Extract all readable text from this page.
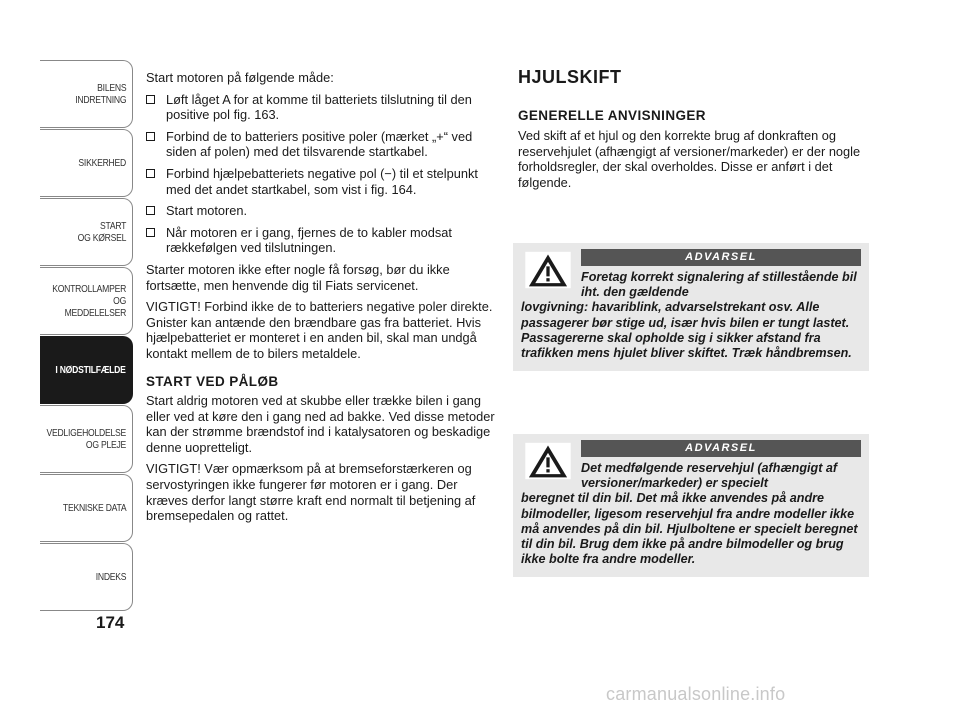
BILENS
INDRETNING
SIKKERHED
START
OG KØRSEL
KONTROLLAMPER
OG MEDDELELSER
I NØDSTILFÆLDE
VEDLIGEHOLDELSE
OG PLEJE
TEKNISKE DATA
INDEKS
174

Start motoren på følgende måde:

Løft låget A for at komme til batteriets tilslutning til den positive pol fig. 163.
Forbind de to batteriers positive poler (mærket „+“ ved siden af polen) med det tilsvarende startkabel.
Forbind hjælpebatteriets negative pol (−) til et stelpunkt med det andet startkabel, som vist i fig. 164.
Start motoren.
Når motoren er i gang, fjernes de to kabler modsat rækkefølgen ved tilslutningen.

Starter motoren ikke efter nogle få forsøg, bør du ikke fortsætte, men henvende dig til Fiats servicenet.

VIGTIGT! Forbind ikke de to batteriers negative poler direkte. Gnister kan antænde den brændbare gas fra batteriet. Hvis hjælpebatteriet er monteret i en anden bil, skal man undgå kontakt mellem de to bilers metaldele.

START VED PÅLØB

Start aldrig motoren ved at skubbe eller trække bilen i gang eller ved at køre den i gang ned ad bakke. Ved disse metoder kan der strømme brændstof ind i katalysatoren og beskadige denne uopretteligt.

VIGTIGT! Vær opmærksom på at bremseforstærkeren og servostyringen ikke fungerer før motoren er i gang. Der kræves derfor langt større kraft end normalt til betjening af bremsepedalen og rattet.

HJULSKIFT
GENERELLE ANVISNINGER

Ved skift af et hjul og den korrekte brug af donkraften og reservehjulet (afhængigt af versioner/markeder) er der nogle forholdsregler, der skal overholdes. Disse er anført i det følgende.

ADVARSEL
Foretag korrekt signalering af stillestående bil iht. den gældende
lovgivning: havariblink, advarselstrekant osv. Alle passagerer bør stige ud, især hvis bilen er tungt lastet. Passagererne skal opholde sig i sikker afstand fra trafikken mens hjulet bliver skiftet. Træk håndbremsen.
ADVARSEL
Det medfølgende reservehjul (afhængigt af versioner/markeder) er specielt
beregnet til din bil. Det må ikke anvendes på andre bilmodeller, ligesom reservehjul fra andre modeller ikke må anvendes på din bil. Hjulboltene er specielt beregnet til din bil. Brug dem ikke på andre bilmodeller og brug ikke bolte fra andre modeller.
carmanualsonline.info
